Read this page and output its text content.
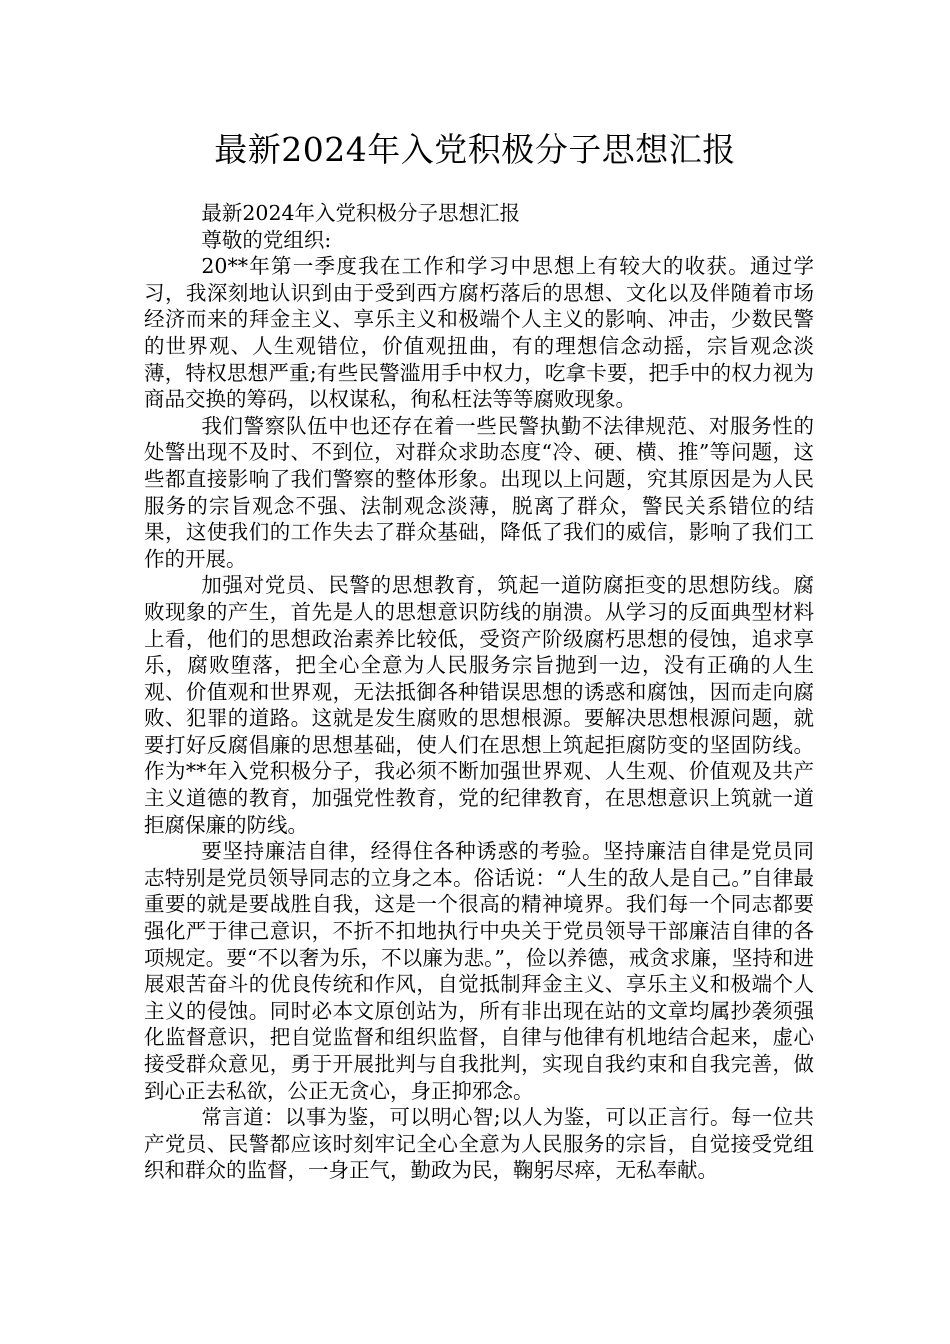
最新2024年入党积极分子思想汇报

最新2024年入党积极分子思想汇报

尊敬的党组织:

20**年第一季度我在工作和学习中思想上有较大的收获。通过学习，我深刻地认识到由于受到西方腐朽落后的思想、文化以及伴随着市场经济而来的拜金主义、享乐主义和极端个人主义的影响、冲击，少数民警的世界观、人生观错位，价值观扭曲，有的理想信念动摇，宗旨观念淡薄，特权思想严重;有些民警滥用手中权力，吃拿卡要，把手中的权力视为商品交换的筹码，以权谋私，徇私枉法等等腐败现象。

我们警察队伍中也还存在着一些民警执勤不法律规范、对服务性的处警出现不及时、不到位，对群众求助态度“冷、硬、横、推”等问题，这些都直接影响了我们警察的整体形象。出现以上问题，究其原因是为人民服务的宗旨观念不强、法制观念淡薄，脱离了群众，警民关系错位的结果，这使我们的工作失去了群众基础，降低了我们的威信，影响了我们工作的开展。

加强对党员、民警的思想教育，筑起一道防腐拒变的思想防线。腐败现象的产生，首先是人的思想意识防线的崩溃。从学习的反面典型材料上看，他们的思想政治素养比较低，受资产阶级腐朽思想的侵蚀，追求享乐，腐败堕落，把全心全意为人民服务宗旨抛到一边，没有正确的人生观、价值观和世界观，无法抵御各种错误思想的诱惑和腐蚀，因而走向腐败、犯罪的道路。这就是发生腐败的思想根源。要解决思想根源问题，就要打好反腐倡廉的思想基础，使人们在思想上筑起拒腐防变的坚固防线。作为**年入党积极分子，我必须不断加强世界观、人生观、价值观及共产主义道德的教育，加强党性教育，党的纪律教育，在思想意识上筑就一道拒腐保廉的防线。

要坚持廉洁自律，经得住各种诱惑的考验。坚持廉洁自律是党员同志特别是党员领导同志的立身之本。俗话说：“人生的敌人是自己。”自律最重要的就是要战胜自我，这是一个很高的精神境界。我们每一个同志都要强化严于律己意识，不折不扣地执行中央关于党员领导干部廉洁自律的各项规定。要“不以奢为乐，不以廉为悲。”，俭以养德，戒贪求廉，坚持和进展艰苦奋斗的优良传统和作风，自觉抵制拜金主义、享乐主义和极端个人主义的侵蚀。同时必本文原创站为，所有非出现在站的文章均属抄袭须强化监督意识，把自觉监督和组织监督，自律与他律有机地结合起来，虚心接受群众意见，勇于开展批判与自我批判，实现自我约束和自我完善，做到心正去私欲，公正无贪心，身正抑邪念。

常言道：以事为鉴，可以明心智;以人为鉴，可以正言行。每一位共产党员、民警都应该时刻牢记全心全意为人民服务的宗旨，自觉接受党组织和群众的监督，一身正气，勤政为民，鞠躬尽瘁，无私奉献。
